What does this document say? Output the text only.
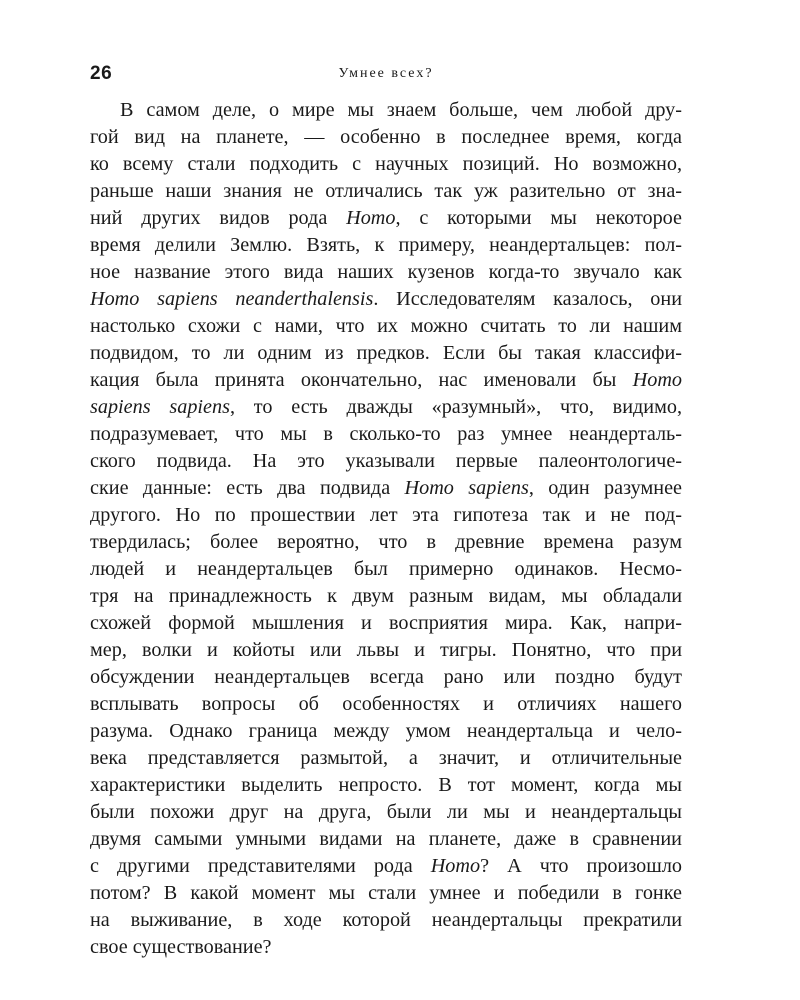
26	Умнее всех?

В самом деле, о мире мы знаем больше, чем любой дру-
гой вид на планете, — особенно в последнее время, когда
ко всему стали подходить с научных позиций. Но возможно,
раньше наши знания не отличались так уж разительно от зна-
ний других видов рода Homo, с которыми мы некоторое
время делили Землю. Взять, к примеру, неандертальцев: пол-
ное название этого вида наших кузенов когда-то звучало как
Homo sapiens neanderthalensis. Исследователям казалось, они
настолько схожи с нами, что их можно считать то ли нашим
подвидом, то ли одним из предков. Если бы такая классифи-
кация была принята окончательно, нас именовали бы Homo
sapiens sapiens, то есть дважды «разумный», что, видимо,
подразумевает, что мы в сколько-то раз умнее неандерталь-
ского подвида. На это указывали первые палеонтологиче-
ские данные: есть два подвида Homo sapiens, один разумнее
другого. Но по прошествии лет эта гипотеза так и не под-
твердилась; более вероятно, что в древние времена разум
людей и неандертальцев был примерно одинаков. Несмо-
тря на принадлежность к двум разным видам, мы обладали
схожей формой мышления и восприятия мира. Как, напри-
мер, волки и койоты или львы и тигры. Понятно, что при
обсуждении неандертальцев всегда рано или поздно будут
всплывать вопросы об особенностях и отличиях нашего
разума. Однако граница между умом неандертальца и чело-
века представляется размытой, а значит, и отличительные
характеристики выделить непросто. В тот момент, когда мы
были похожи друг на друга, были ли мы и неандертальцы
двумя самыми умными видами на планете, даже в сравнении
с другими представителями рода Homo? А что произошло
потом? В какой момент мы стали умнее и победили в гонке
на выживание, в ходе которой неандертальцы прекратили
свое существование?
